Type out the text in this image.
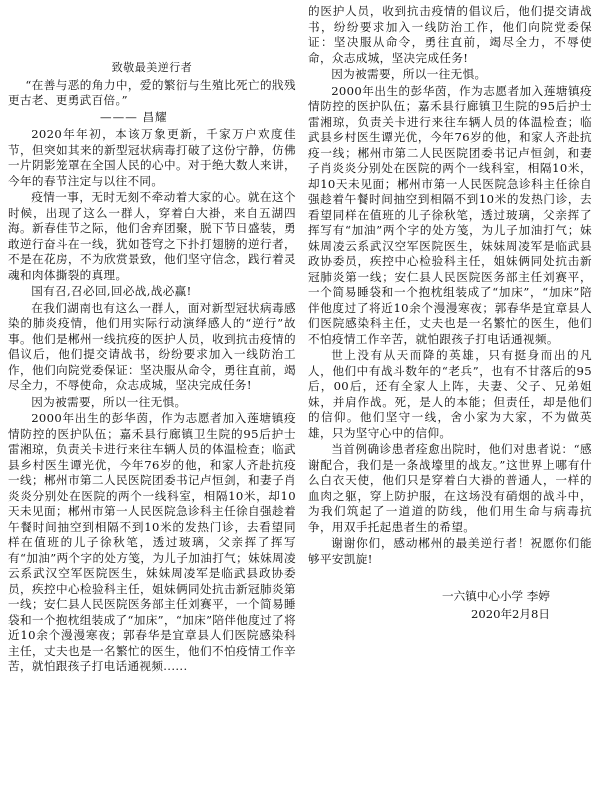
致敬最美逆行者

“在善与恶的角力中，爱的繁衍与生殖比死亡的戕残更古老、更勇武百倍。”

——— 昌耀

2020年年初，本该万象更新，千家万户欢度佳节，但突如其来的新型冠状病毒打破了这份宁静，仿佛一片阴影笼罩在全国人民的心中。对于绝大数人来讲，今年的春节注定与以往不同。

疫情一事，无时无刻不牵动着大家的心。就在这个时候，出现了这么一群人，穿着白大褂，来自五湖四海。新春佳节之际，他们舍弃团聚，脱下节日盛装，勇敢逆行奋斗在一线，犹如苍穹之下扑打翅膀的逆行者，不是在花房，不为欣赏景致，他们坚守信念，践行着灵魂和肉体撕裂的真理。

国有召,召必回,回必战,战必赢!

在我们湖南也有这么一群人，面对新型冠状病毒感染的肺炎疫情，他们用实际行动演绎感人的“逆行”故事。他们是郴州一线抗疫的医护人员，收到抗击疫情的倡议后，他们提交请战书，纷纷要求加入一线防治工作，他们向院党委保证：坚决服从命令，勇往直前，竭尽全力，不辱使命，众志成城，坚决完成任务!

因为被需要，所以一往无惧。

2000年出生的彭华茵，作为志愿者加入莲塘镇疫情防控的医护队伍；嘉禾县行廊镇卫生院的95后护士雷湘琼，负责关卡进行来往车辆人员的体温检查；临武县乡村医生谭光优，今年76岁的他，和家人齐赴抗疫一线；郴州市第二人民医院团委书记卢恒剑，和妻子肖炎炎分别处在医院的两个一线科室，相隔10米，却10天未见面；郴州市第一人民医院急诊科主任徐自强趁着午餐时间抽空到相隔不到10米的发热门诊，去看望同样在值班的儿子徐秋笔，透过玻璃，父亲挥了挥写有“加油”两个字的处方笺，为儿子加油打气；妹妹周凌云系武汉空军医院医生，妹妹周凌军是临武县政协委员，疾控中心检验科主任，姐妹俩同处抗击新冠肺炎第一线；安仁县人民医院医务部主任刘赛平，一个简易睡袋和一个抱枕组装成了“加床”，“加床”陪伴他度过了将近10余个漫漫寒夜；郭春华是宜章县人们医院感染科主任，丈夫也是一名繁忙的医生，他们不怕疫情工作辛苦，就怕跟孩子打电话通视频......

的医护人员，收到抗击疫情的倡议后，他们提交请战书，纷纷要求加入一线防治工作，他们向院党委保证：坚决服从命令，勇往直前，竭尽全力，不辱使命，众志成城，坚决完成任务!

因为被需要，所以一往无惧。

2000年出生的彭华茵，作为志愿者加入莲塘镇疫情防控的医护队伍；嘉禾县行廊镇卫生院的95后护士雷湘琼，负责关卡进行来往车辆人员的体温检查；临武县乡村医生谭光优，今年76岁的他，和家人齐赴抗疫一线；郴州市第二人民医院团委书记卢恒剑，和妻子肖炎炎分别处在医院的两个一线科室，相隔10米，却10天未见面；郴州市第一人民医院急诊科主任徐自强趁着午餐时间抽空到相隔不到10米的发热门诊，去看望同样在值班的儿子徐秋笔，透过玻璃，父亲挥了挥写有“加油”两个字的处方笺，为儿子加油打气；妹妹周凌云系武汉空军医院医生，妹妹周凌军是临武县政协委员，疾控中心检验科主任，姐妹俩同处抗击新冠肺炎第一线；安仁县人民医院医务部主任刘赛平，一个简易睡袋和一个抱枕组装成了“加床”，“加床”陪伴他度过了将近10余个漫漫寒夜；郭春华是宜章县人们医院感染科主任，丈夫也是一名繁忙的医生，他们不怕疫情工作辛苦，就怕跟孩子打电话通视频。

世上没有从天而降的英雄，只有挺身而出的凡人，他们中有战斗数年的“老兵”，也有不甘落后的95后，00后，还有全家人上阵，夫妻、父子、兄弟姐妹，并肩作战。死，是人的本能；但责任，却是他们的信仰。他们坚守一线，舍小家为大家，不为做英雄，只为坚守心中的信仰。

当首例确诊患者痊愈出院时，他们对患者说：“感谢配合，我们是一条战壕里的战友。”这世界上哪有什么白衣天使，他们只是穿着白大褂的普通人，一样的血肉之躯，穿上防护服，在这场没有硝烟的战斗中，为我们筑起了一道道的防线，他们用生命与病毒抗争，用双手托起患者生的希望。

谢谢你们，感动郴州的最美逆行者！祝愿你们能够平安凯旋!

一六镇中心小学 李婷
2020年2月8日
